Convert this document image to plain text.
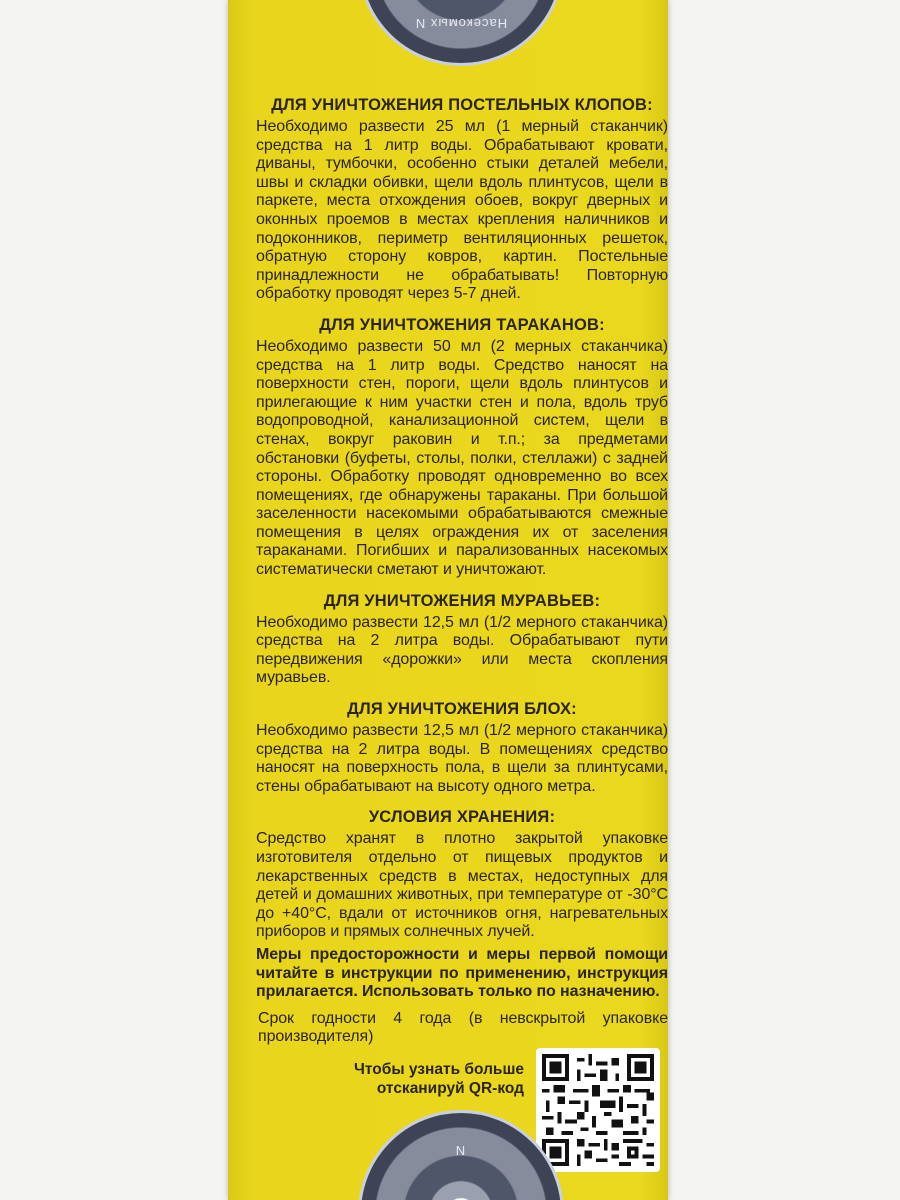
Насекомых N
ДЛЯ УНИЧТОЖЕНИЯ ПОСТЕЛЬНЫХ КЛОПОВ:

Необходимо развести 25 мл (1 мерный стаканчик) средства на 1 литр воды. Обрабатывают кровати, диваны, тумбочки, особенно стыки деталей мебели, швы и складки обивки, щели вдоль плинтусов, щели в паркете, места отхождения обоев, вокруг дверных и оконных проемов в местах крепления наличников и подоконников, периметр вентиляционных решеток, обратную сторону ковров, картин. Постельные принадлежности не обрабатывать! Повторную обработку проводят через 5-7 дней.

ДЛЯ УНИЧТОЖЕНИЯ ТАРАКАНОВ:

Необходимо развести 50 мл (2 мерных стаканчика) средства на 1 литр воды. Средство наносят на поверхности стен, пороги, щели вдоль плинтусов и прилегающие к ним участки стен и пола, вдоль труб водопроводной, канализационной систем, щели в стенах, вокруг раковин и т.п.; за предметами обстановки (буфеты, столы, полки, стеллажи) с задней стороны. Обработку проводят одновременно во всех помещениях, где обнаружены тараканы. При большой заселенности насекомыми обрабатываются смежные помещения в целях ограждения их от заселения тараканами. Погибших и парализованных насекомых систематически сметают и уничтожают.

ДЛЯ УНИЧТОЖЕНИЯ МУРАВЬЕВ:

Необходимо развести 12,5 мл (1/2 мерного стаканчика) средства на 2 литра воды. Обрабатывают пути передвижения «дорожки» или места скопления муравьев.

ДЛЯ УНИЧТОЖЕНИЯ БЛОХ:

Необходимо развести 12,5 мл (1/2 мерного стаканчика) средства на 2 литра воды. В помещениях средство наносят на поверхность пола, в щели за плинтусами, стены обрабатывают на высоту одного метра.

УСЛОВИЯ ХРАНЕНИЯ:

Средство хранят в плотно закрытой упаковке изготовителя отдельно от пищевых продуктов и лекарственных средств в местах, недоступных для детей и домашних животных, при температуре от -30°C до +40°C, вдали от источников огня, нагревательных приборов и прямых солнечных лучей.

Меры предосторожности и меры первой помощи читайте в инструкции по применению, инструкция прилагается. Использовать только по назначению.

Срок годности 4 года (в невскрытой упаковке производителя)

Чтобы узнать больше
отсканируй QR-код
N
